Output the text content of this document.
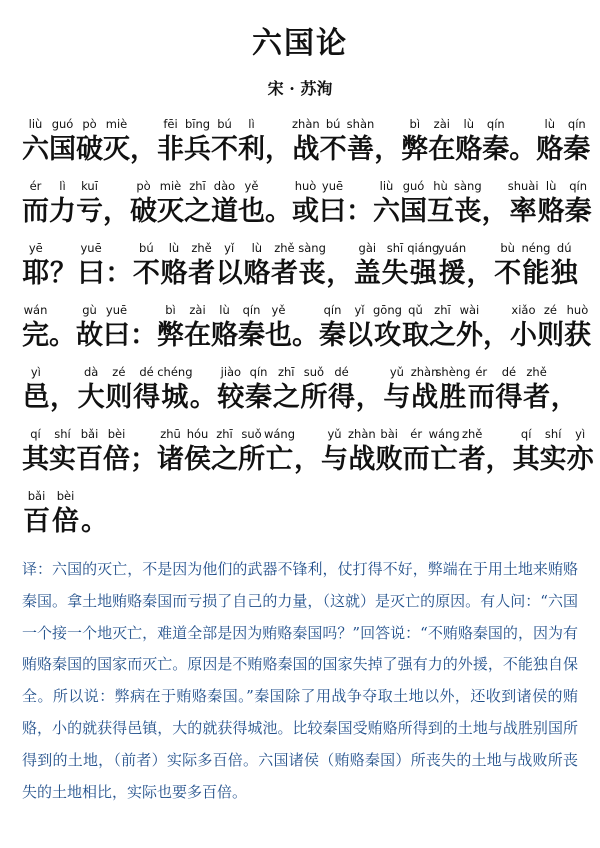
六国论
宋 · 苏洵
liù
六
guó
国
pò
破
miè
灭 ，
fēi
非
bīng
兵
bú
不
lì
利 ，
zhàn
战
bú
不
shàn
善 ，
bì
弊
zài
在
lù
赂
qín
秦 。
lù
赂
qín
秦
ér
而
lì
力
kuī
亏 ，
pò
破
miè
灭
zhī
之
dào
道
yě
也 。
huò
或
yuē
曰 ：
liù
六
guó
国
hù
互
sàng
丧 ，
shuài
率
lù
赂
qín
秦
yē
耶 ？
yuē
曰 ：
bú
不
lù
赂
zhě
者
yǐ
以
lù
赂
zhě
者
sàng
丧 ，
gài
盖
shī
失
qiáng
强
yuán
援 ，
bù
不
néng
能
dú
独
wán
完 。
gù
故
yuē
曰 ：
bì
弊
zài
在
lù
赂
qín
秦
yě
也 。
qín
秦
yǐ
以
gōng
攻
qǔ
取
zhī
之
wài
外 ，
xiǎo
小
zé
则
huò
获
yì
邑 ，
dà
大
zé
则
dé
得
chéng
城 。
jiào
较
qín
秦
zhī
之
suǒ
所
dé
得 ，
yǔ
与
zhàn
战
shèng
胜
ér
而
dé
得
zhě
者 ，
qí
其
shí
实
bǎi
百
bèi
倍 ；
zhū
诸
hóu
侯
zhī
之
suǒ
所
wáng
亡 ，
yǔ
与
zhàn
战
bài
败
ér
而
wáng
亡
zhě
者 ，
qí
其
shí
实
yì
亦
bǎi
百
bèi
倍 。
译：六国的灭亡，不是因为他们的武器不锋利，仗打得不好，弊端在于用土地来贿赂秦国。拿土地贿赂秦国而亏损了自己的力量，（这就）是灭亡的原因。有人问：“六国一个接一个地灭亡，难道全部是因为贿赂秦国吗？”回答说：“不贿赂秦国的，因为有贿赂秦国的国家而灭亡。原因是不贿赂秦国的国家失掉了强有力的外援，不能独自保全。所以说：弊病在于贿赂秦国。”秦国除了用战争夺取土地以外，还收到诸侯的贿赂，小的就获得邑镇，大的就获得城池。比较秦国受贿赂所得到的土地与战胜别国所得到的土地，（前者）实际多百倍。六国诸侯（贿赂秦国）所丧失的土地与战败所丧失的土地相比，实际也要多百倍。
